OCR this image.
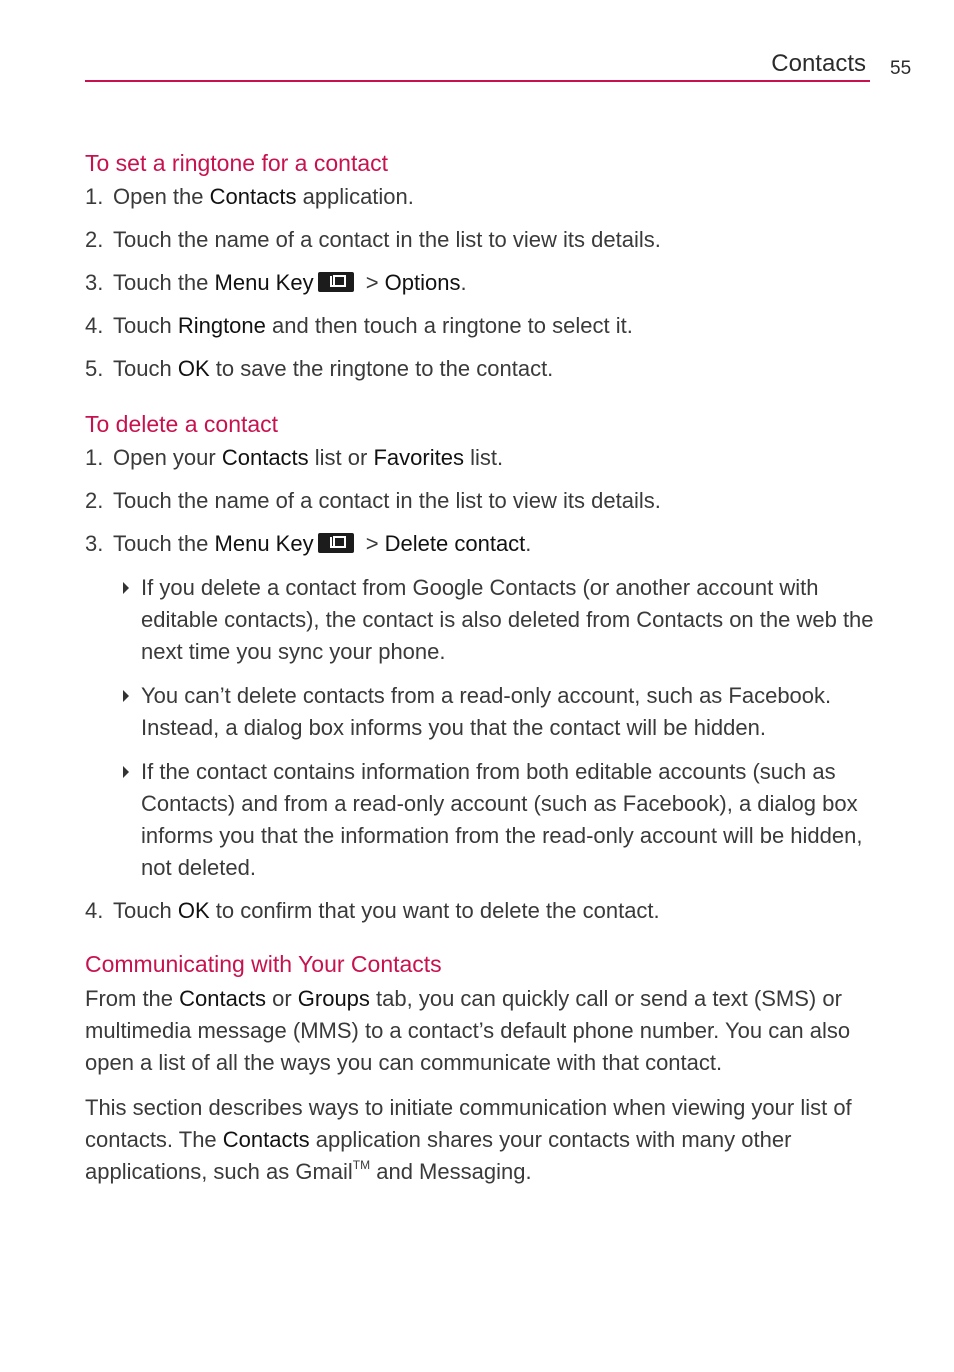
Contacts 55
To set a ringtone for a contact
1. Open the Contacts application.
2. Touch the name of a contact in the list to view its details.
3. Touch the Menu Key > Options.
4. Touch Ringtone and then touch a ringtone to select it.
5. Touch OK to save the ringtone to the contact.
To delete a contact
1. Open your Contacts list or Favorites list.
2. Touch the name of a contact in the list to view its details.
3. Touch the Menu Key > Delete contact.
If you delete a contact from Google Contacts (or another account with editable contacts), the contact is also deleted from Contacts on the web the next time you sync your phone.
You can’t delete contacts from a read-only account, such as Facebook. Instead, a dialog box informs you that the contact will be hidden.
If the contact contains information from both editable accounts (such as Contacts) and from a read-only account (such as Facebook), a dialog box informs you that the information from the read-only account will be hidden, not deleted.
4. Touch OK to confirm that you want to delete the contact.
Communicating with Your Contacts

From the Contacts or Groups tab, you can quickly call or send a text (SMS) or multimedia message (MMS) to a contact’s default phone number. You can also open a list of all the ways you can communicate with that contact.

This section describes ways to initiate communication when viewing your list of contacts. The Contacts application shares your contacts with many other applications, such as Gmail™ and Messaging.
